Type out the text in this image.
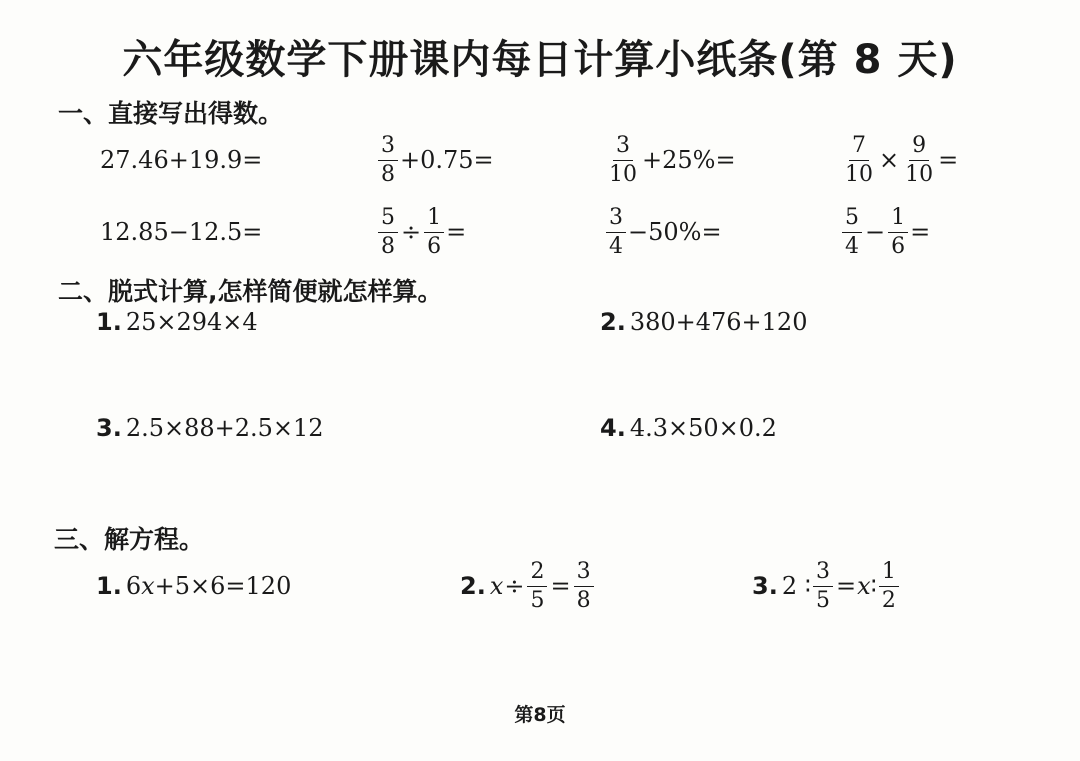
六年级数学下册课内每日计算小纸条(第 8 天)
一、直接写出得数。
27.46+19.9=	$\frac{3}{8} +0.75=$	$\frac{3}{10} +25\%=$	$\frac{7}{10} \times \frac{9}{10}$ =
12.85−12.5=	$\frac{5}{8} \div \frac{1}{6}$ =	$\frac{3}{4} -50\%=$	$\frac{5}{4} - \frac{1}{6}$ =
二、脱式计算,怎样简便就怎样算。
1. 25×294×4	2. 380+476+120
3. 2.5×88+2.5×12	4. 4.3×50×0.2
三、解方程。
1. 6 x +5×6=120	2. $x \div \frac{2}{5} = \frac{3}{8}$	3. 2 ∶ $\frac{3}{5} = x$ ∶ $\frac{1}{2}$
第8页
